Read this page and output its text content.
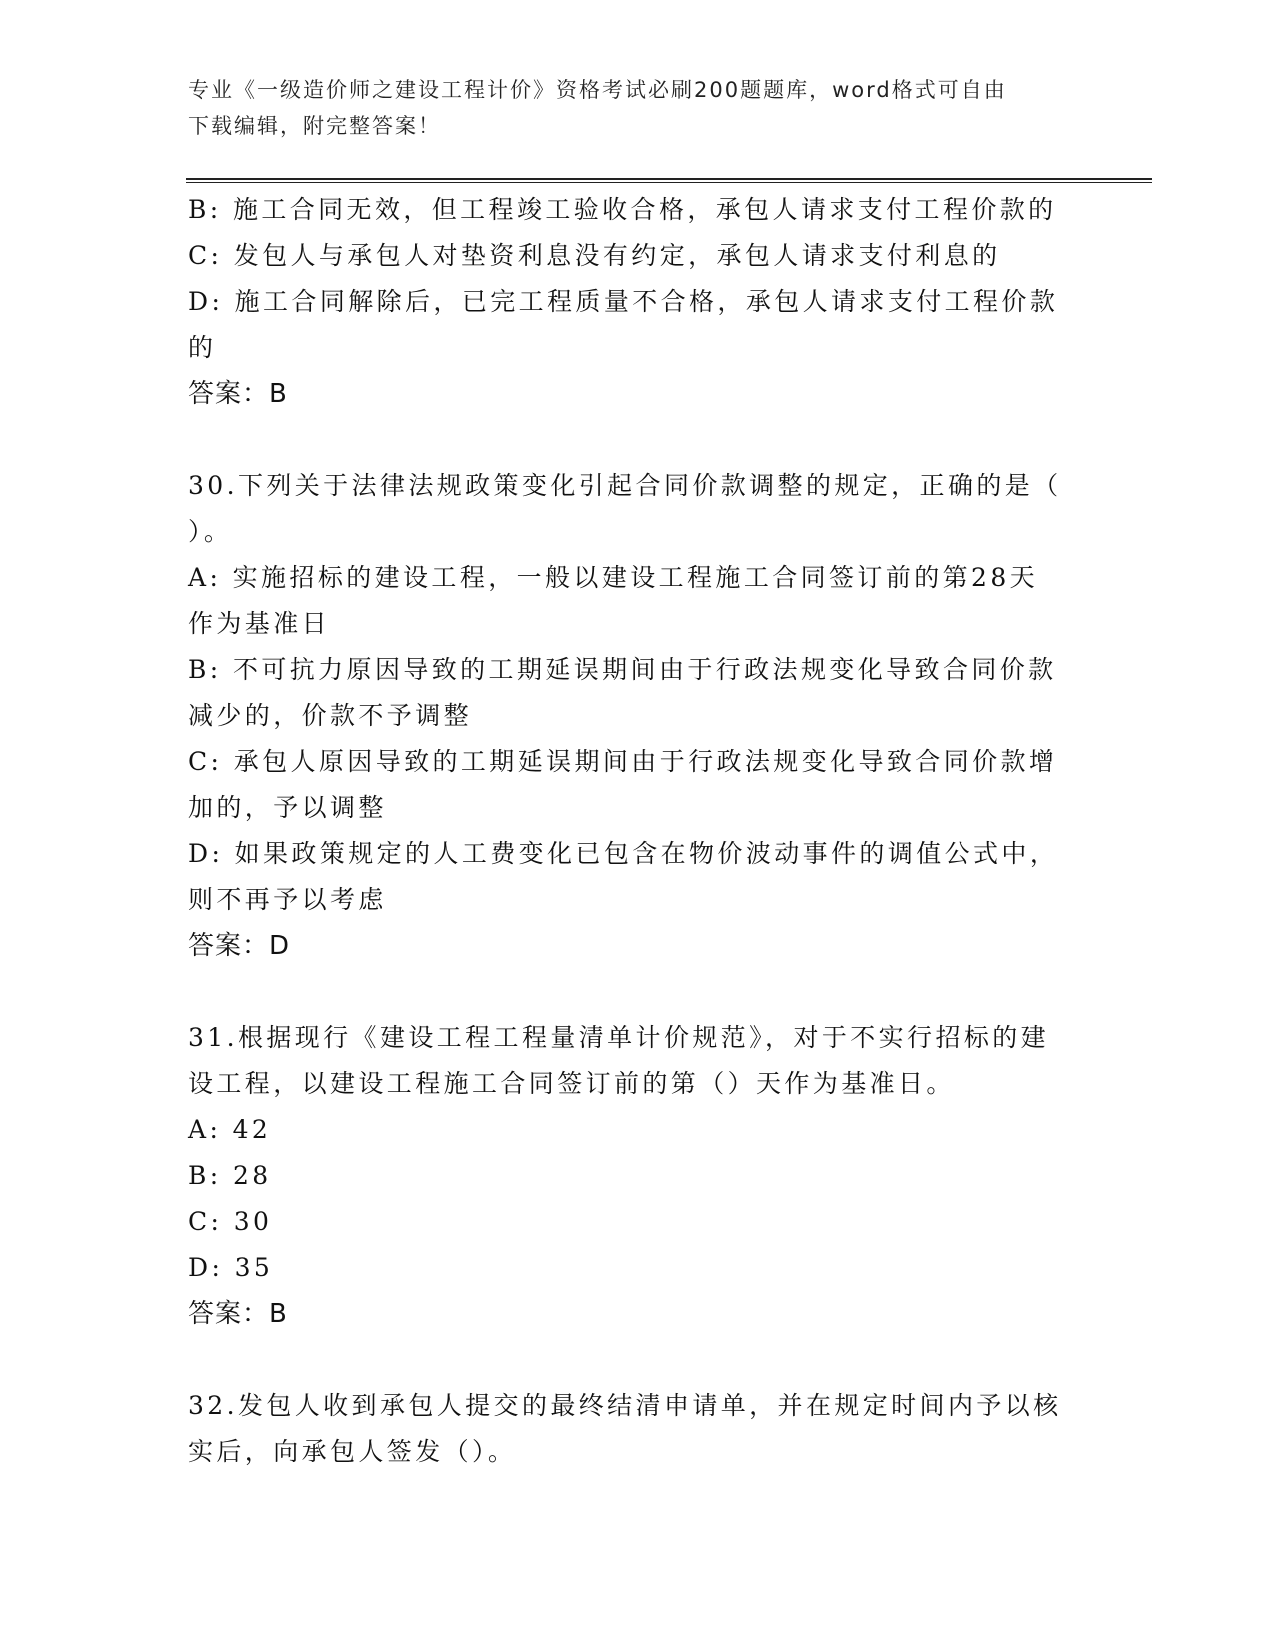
专业《一级造价师之建设工程计价》资格考试必刷200题题库，word格式可自由
下载编辑，附完整答案！
B: 施工合同无效，但工程竣工验收合格，承包人请求支付工程价款的
C: 发包人与承包人对垫资利息没有约定，承包人请求支付利息的
D: 施工合同解除后，已完工程质量不合格，承包人请求支付工程价款
的
答案：B
30.下列关于法律法规政策变化引起合同价款调整的规定，正确的是（
）。
A: 实施招标的建设工程，一般以建设工程施工合同签订前的第28天
作为基准日
B: 不可抗力原因导致的工期延误期间由于行政法规变化导致合同价款
减少的，价款不予调整
C: 承包人原因导致的工期延误期间由于行政法规变化导致合同价款增
加的，予以调整
D: 如果政策规定的人工费变化已包含在物价波动事件的调值公式中，
则不再予以考虑
答案：D
31.根据现行《建设工程工程量清单计价规范》，对于不实行招标的建
设工程，以建设工程施工合同签订前的第（）天作为基准日。
A: 42
B: 28
C: 30
D: 35
答案：B
32.发包人收到承包人提交的最终结清申请单，并在规定时间内予以核
实后，向承包人签发（）。
